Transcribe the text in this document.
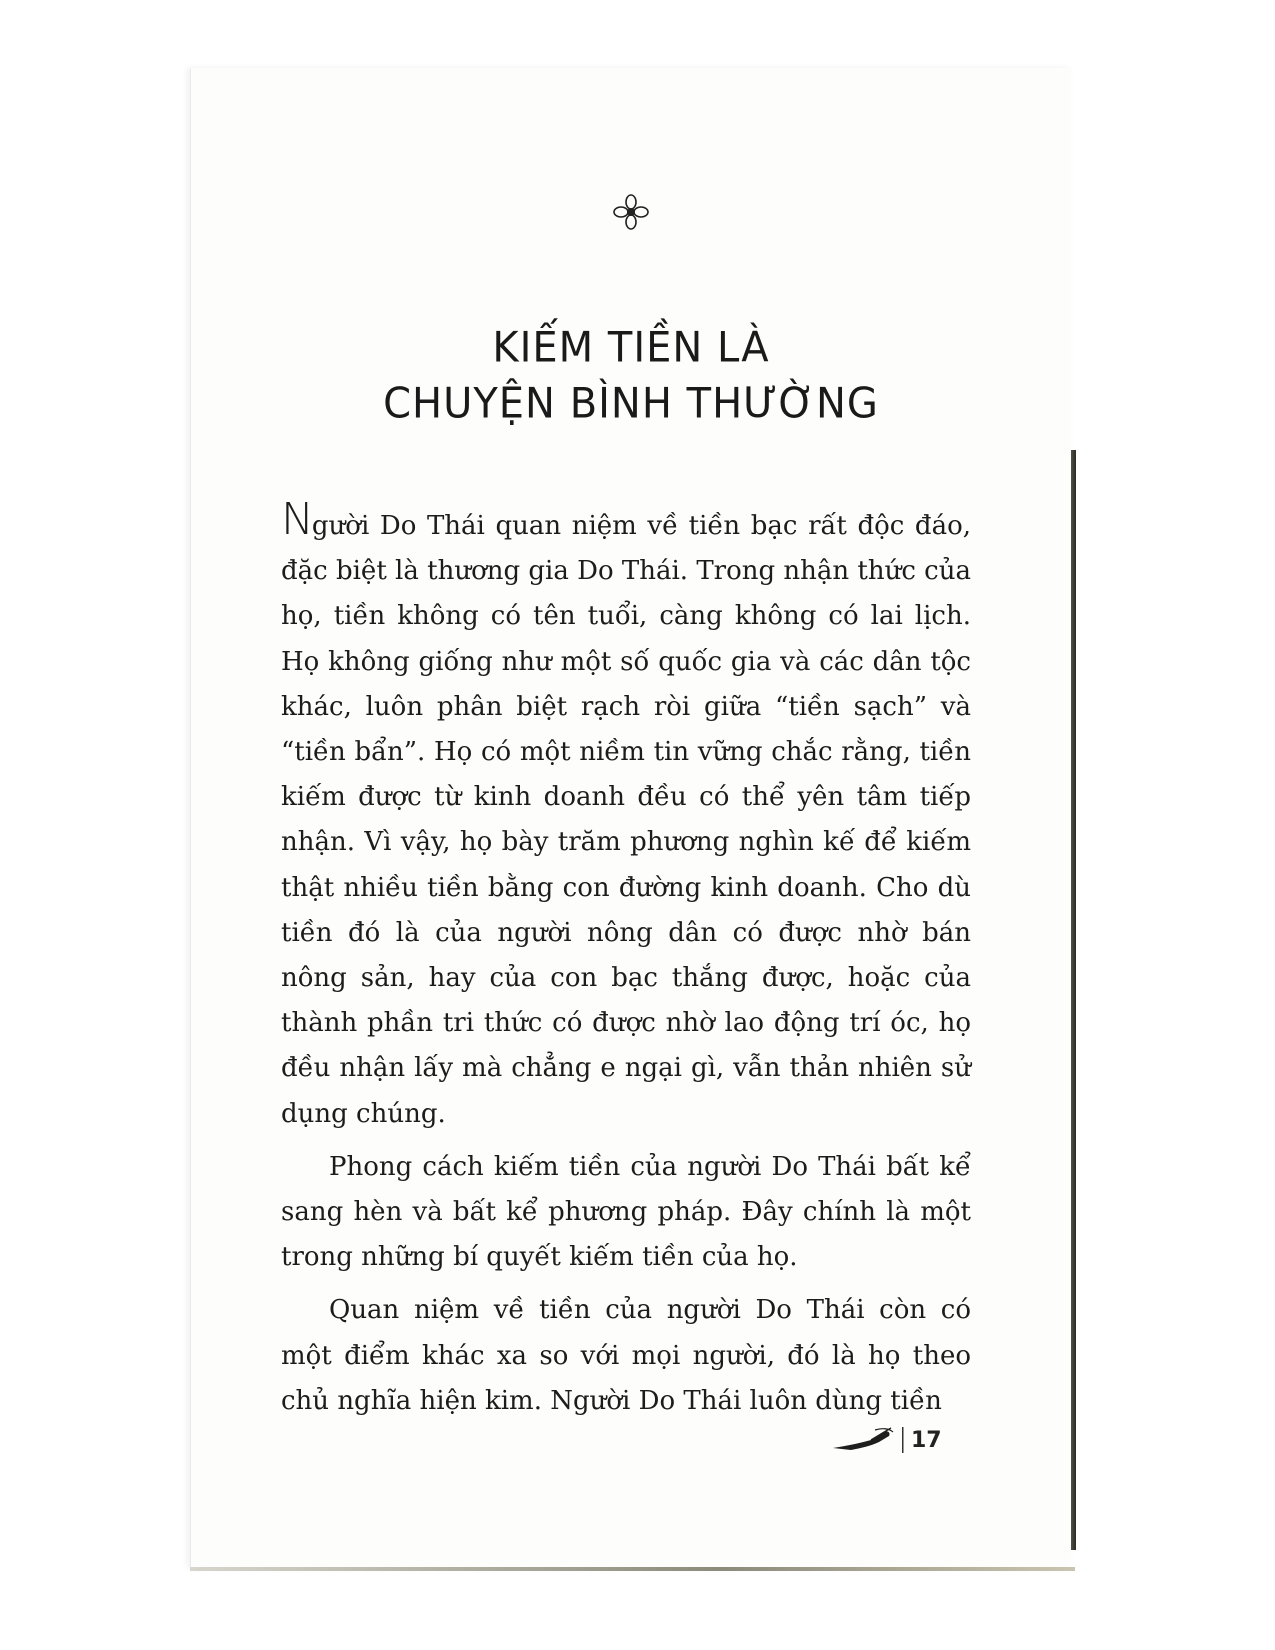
KIẾM TIỀN LÀ
CHUYỆN BÌNH THƯỜNG

Người Do Thái quan niệm về tiền bạc rất độc đáo, đặc biệt là thương gia Do Thái. Trong nhận thức của họ, tiền không có tên tuổi, càng không có lai lịch. Họ không giống như một số quốc gia và các dân tộc khác, luôn phân biệt rạch ròi giữa “tiền sạch” và “tiền bẩn”. Họ có một niềm tin vững chắc rằng, tiền kiếm được từ kinh doanh đều có thể yên tâm tiếp nhận. Vì vậy, họ bày trăm phương nghìn kế để kiếm thật nhiều tiền bằng con đường kinh doanh. Cho dù tiền đó là của người nông dân có được nhờ bán nông sản, hay của con bạc thắng được, hoặc của thành phần tri thức có được nhờ lao động trí óc, họ đều nhận lấy mà chẳng e ngại gì, vẫn thản nhiên sử dụng chúng.

Phong cách kiếm tiền của người Do Thái bất kể sang hèn và bất kể phương pháp. Đây chính là một trong những bí quyết kiếm tiền của họ.

Quan niệm về tiền của người Do Thái còn có một điểm khác xa so với mọi người, đó là họ theo chủ nghĩa hiện kim. Người Do Thái luôn dùng tiền

17
